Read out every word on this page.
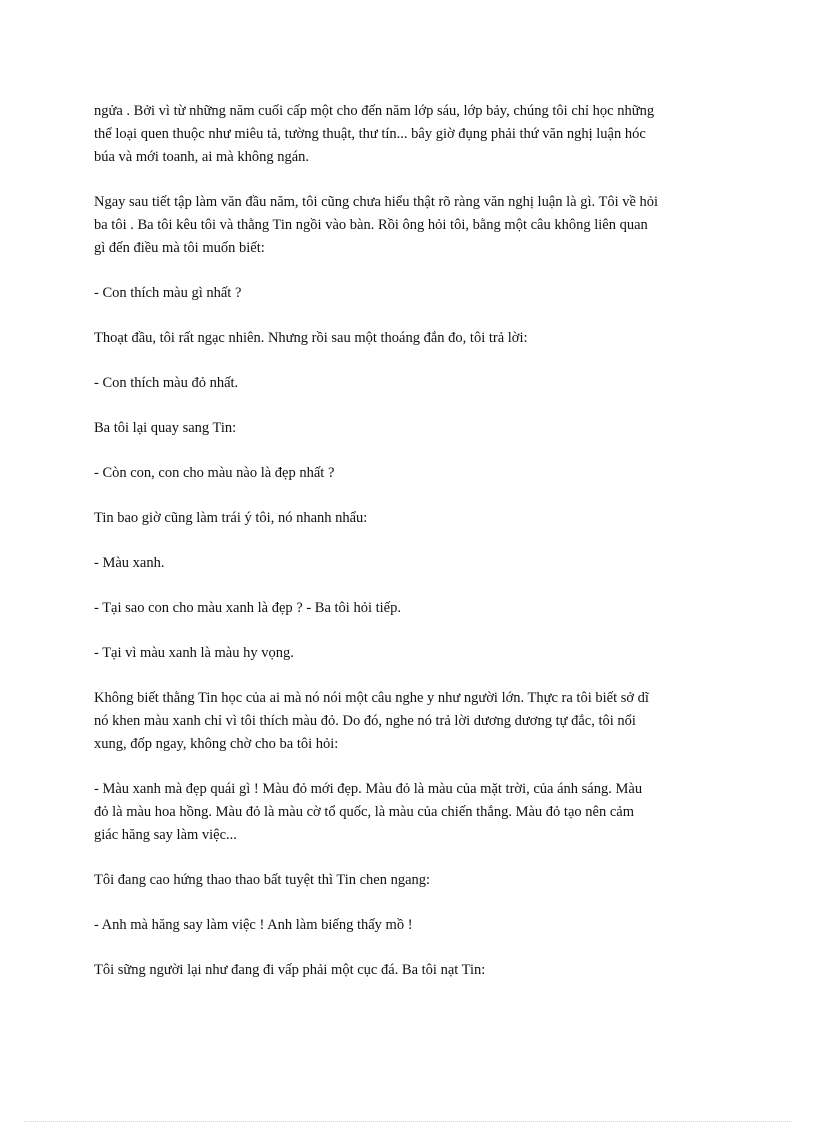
ngửa . Bởi vì từ những năm cuối cấp một cho đến năm lớp sáu, lớp bảy, chúng tôi chỉ học những
thể loại quen thuộc như miêu tả, tường thuật, thư tín... bây giờ đụng phải thứ văn nghị luận hóc
búa và mới toanh, ai mà không ngán.

Ngay sau tiết tập làm văn đầu năm, tôi cũng chưa hiểu thật rõ ràng văn nghị luận là gì. Tôi về hỏi
ba tôi . Ba tôi kêu tôi và thằng Tin ngồi vào bàn. Rồi ông hỏi tôi, bằng một câu không liên quan
gì đến điều mà tôi muốn biết:

- Con thích màu gì nhất ?

Thoạt đầu, tôi rất ngạc nhiên. Nhưng rồi sau một thoáng đắn đo, tôi trả lời:

- Con thích màu đỏ nhất.

Ba tôi lại quay sang Tin:

- Còn con, con cho màu nào là đẹp nhất ?

Tin bao giờ cũng làm trái ý tôi, nó nhanh nhẩu:

- Màu xanh.

- Tại sao con cho màu xanh là đẹp ? - Ba tôi hỏi tiếp.

- Tại vì màu xanh là màu hy vọng.

Không biết thằng Tin học của ai mà nó nói một câu nghe y như người lớn. Thực ra tôi biết sở dĩ
nó khen màu xanh chỉ vì tôi thích màu đỏ. Do đó, nghe nó trả lời dương dương tự đắc, tôi nổi
xung, đốp ngay, không chờ cho ba tôi hỏi:

- Màu xanh mà đẹp quái gì ! Màu đỏ mới đẹp. Màu đỏ là màu của mặt trời, của ánh sáng. Màu
đỏ là màu hoa hồng. Màu đỏ là màu cờ tổ quốc, là màu của chiến thắng. Màu đỏ tạo nên cảm
giác hăng say làm việc...

Tôi đang cao hứng thao thao bất tuyệt thì Tin chen ngang:

- Anh mà hăng say làm việc ! Anh làm biếng thấy mồ !

Tôi sững người lại như đang đi vấp phải một cục đá. Ba tôi nạt Tin:
